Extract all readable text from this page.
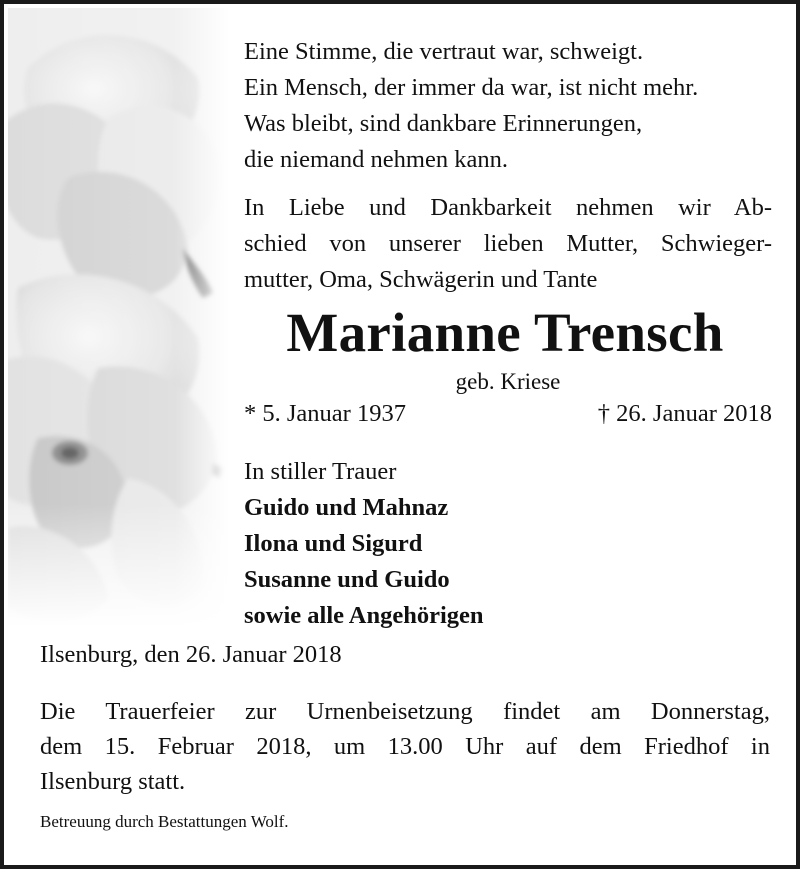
Eine Stimme, die vertraut war, schweigt.
Ein Mensch, der immer da war, ist nicht mehr.
Was bleibt, sind dankbare Erinnerungen,
die niemand nehmen kann.
In Liebe und Dankbarkeit nehmen wir Ab-
schied von unserer lieben Mutter, Schwieger-
mutter, Oma, Schwägerin und Tante
Marianne Trensch
geb. Kriese
* 5. Januar 1937	† 26. Januar 2018
In stiller Trauer
Guido und Mahnaz
Ilona und Sigurd
Susanne und Guido
sowie alle Angehörigen
Ilsenburg, den 26. Januar 2018
Die Trauerfeier zur Urnenbeisetzung findet am Donnerstag,
dem 15. Februar 2018, um 13.00 Uhr auf dem Friedhof in
Ilsenburg statt.
Betreuung durch Bestattungen Wolf.
